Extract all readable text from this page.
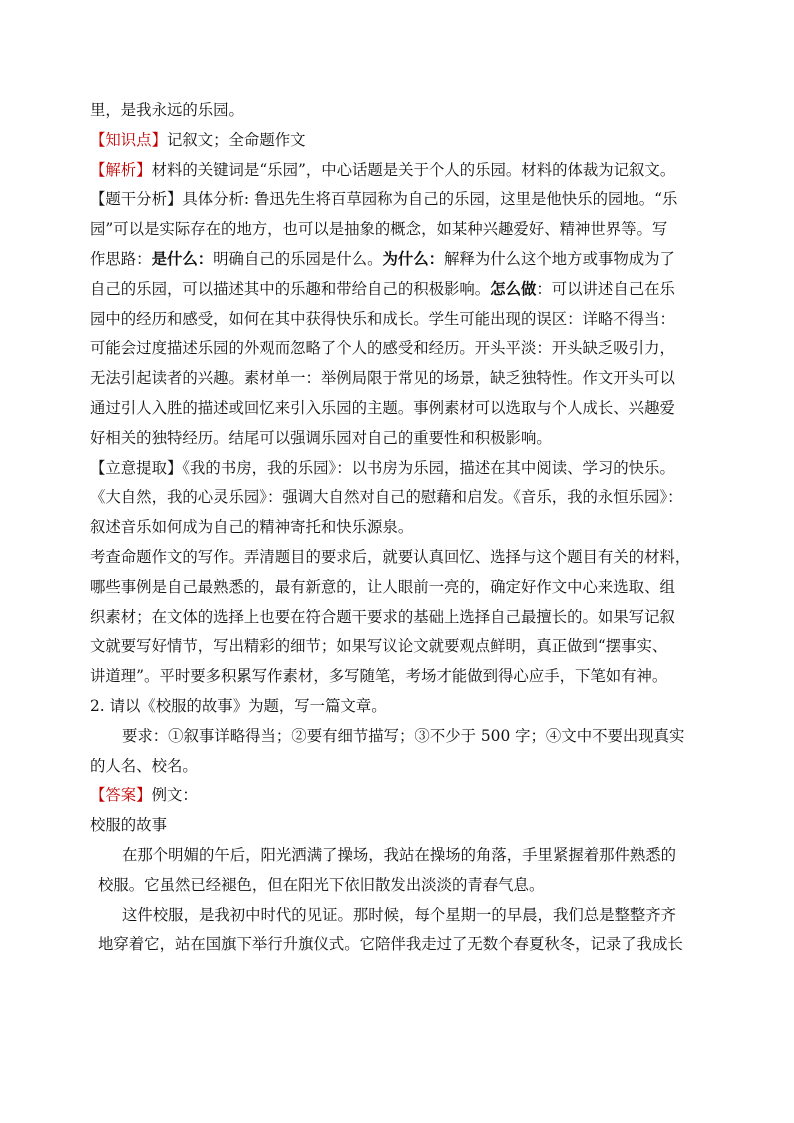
里，是我永远的乐园。
【知识点】记叙文；全命题作文
【解析】材料的关键词是“乐园”，中心话题是关于个人的乐园。材料的体裁为记叙文。
【题干分析】具体分析: 鲁迅先生将百草园称为自己的乐园，这里是他快乐的园地。“乐
园”可以是实际存在的地方，也可以是抽象的概念，如某种兴趣爱好、精神世界等。写
作思路：是什么：明确自己的乐园是什么。为什么：解释为什么这个地方或事物成为了
自己的乐园，可以描述其中的乐趣和带给自己的积极影响。怎么做：可以讲述自己在乐
园中的经历和感受，如何在其中获得快乐和成长。学生可能出现的误区：详略不得当：
可能会过度描述乐园的外观而忽略了个人的感受和经历。开头平淡：开头缺乏吸引力，
无法引起读者的兴趣。素材单一：举例局限于常见的场景，缺乏独特性。作文开头可以
通过引人入胜的描述或回忆来引入乐园的主题。事例素材可以选取与个人成长、兴趣爱
好相关的独特经历。结尾可以强调乐园对自己的重要性和积极影响。
【立意提取】《我的书房，我的乐园》：以书房为乐园，描述在其中阅读、学习的快乐。
《大自然，我的心灵乐园》：强调大自然对自己的慰藉和启发。《音乐，我的永恒乐园》：
叙述音乐如何成为自己的精神寄托和快乐源泉。
考查命题作文的写作。弄清题目的要求后，就要认真回忆、选择与这个题目有关的材料，
哪些事例是自己最熟悉的，最有新意的，让人眼前一亮的，确定好作文中心来选取、组
织素材；在文体的选择上也要在符合题干要求的基础上选择自己最擅长的。如果写记叙
文就要写好情节，写出精彩的细节；如果写议论文就要观点鲜明，真正做到“摆事实、
讲道理”。平时要多积累写作素材，多写随笔，考场才能做到得心应手，下笔如有神。
2. 请以《校服的故事》为题，写一篇文章。
要求：①叙事详略得当；②要有细节描写；③不少于 500 字；④文中不要出现真实
的人名、校名。
【答案】例文：
校服的故事
在那个明媚的午后，阳光洒满了操场，我站在操场的角落，手里紧握着那件熟悉的
校服。它虽然已经褪色，但在阳光下依旧散发出淡淡的青春气息。
这件校服，是我初中时代的见证。那时候，每个星期一的早晨，我们总是整整齐齐
地穿着它，站在国旗下举行升旗仪式。它陪伴我走过了无数个春夏秋冬，记录了我成长
